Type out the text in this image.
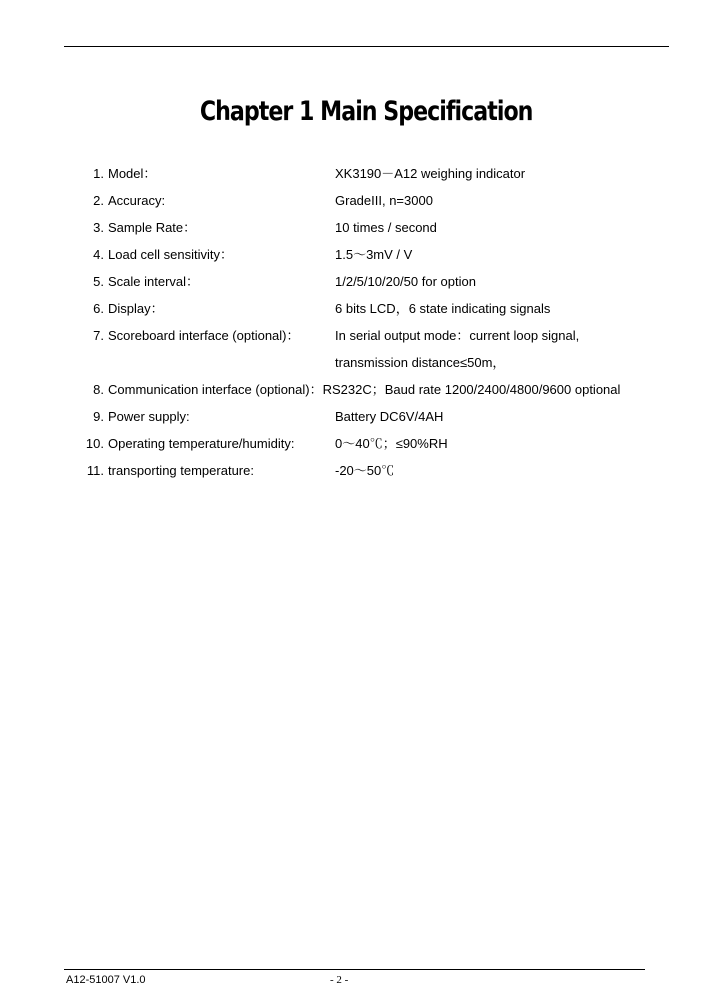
Chapter 1 Main Specification
1. Model：	XK3190－A12 weighing indicator
2. Accuracy:	GradeIII, n=3000
3. Sample Rate：	10 times / second
4. Load cell sensitivity：	1.5～3mV / V
5. Scale interval：	1/2/5/10/20/50 for option
6. Display：	6 bits LCD，6 state indicating signals
7. Scoreboard interface (optional)：	In serial output mode：current loop signal,
transmission distance≤50m，
8. Communication interface (optional)：RS232C；Baud rate 1200/2400/4800/9600 optional
9. Power supply:	Battery DC6V/4AH
10. Operating temperature/humidity:	0～40℃；≤90%RH
11. transporting temperature:	-20～50℃
A12-51007 V1.0	- 2 -
